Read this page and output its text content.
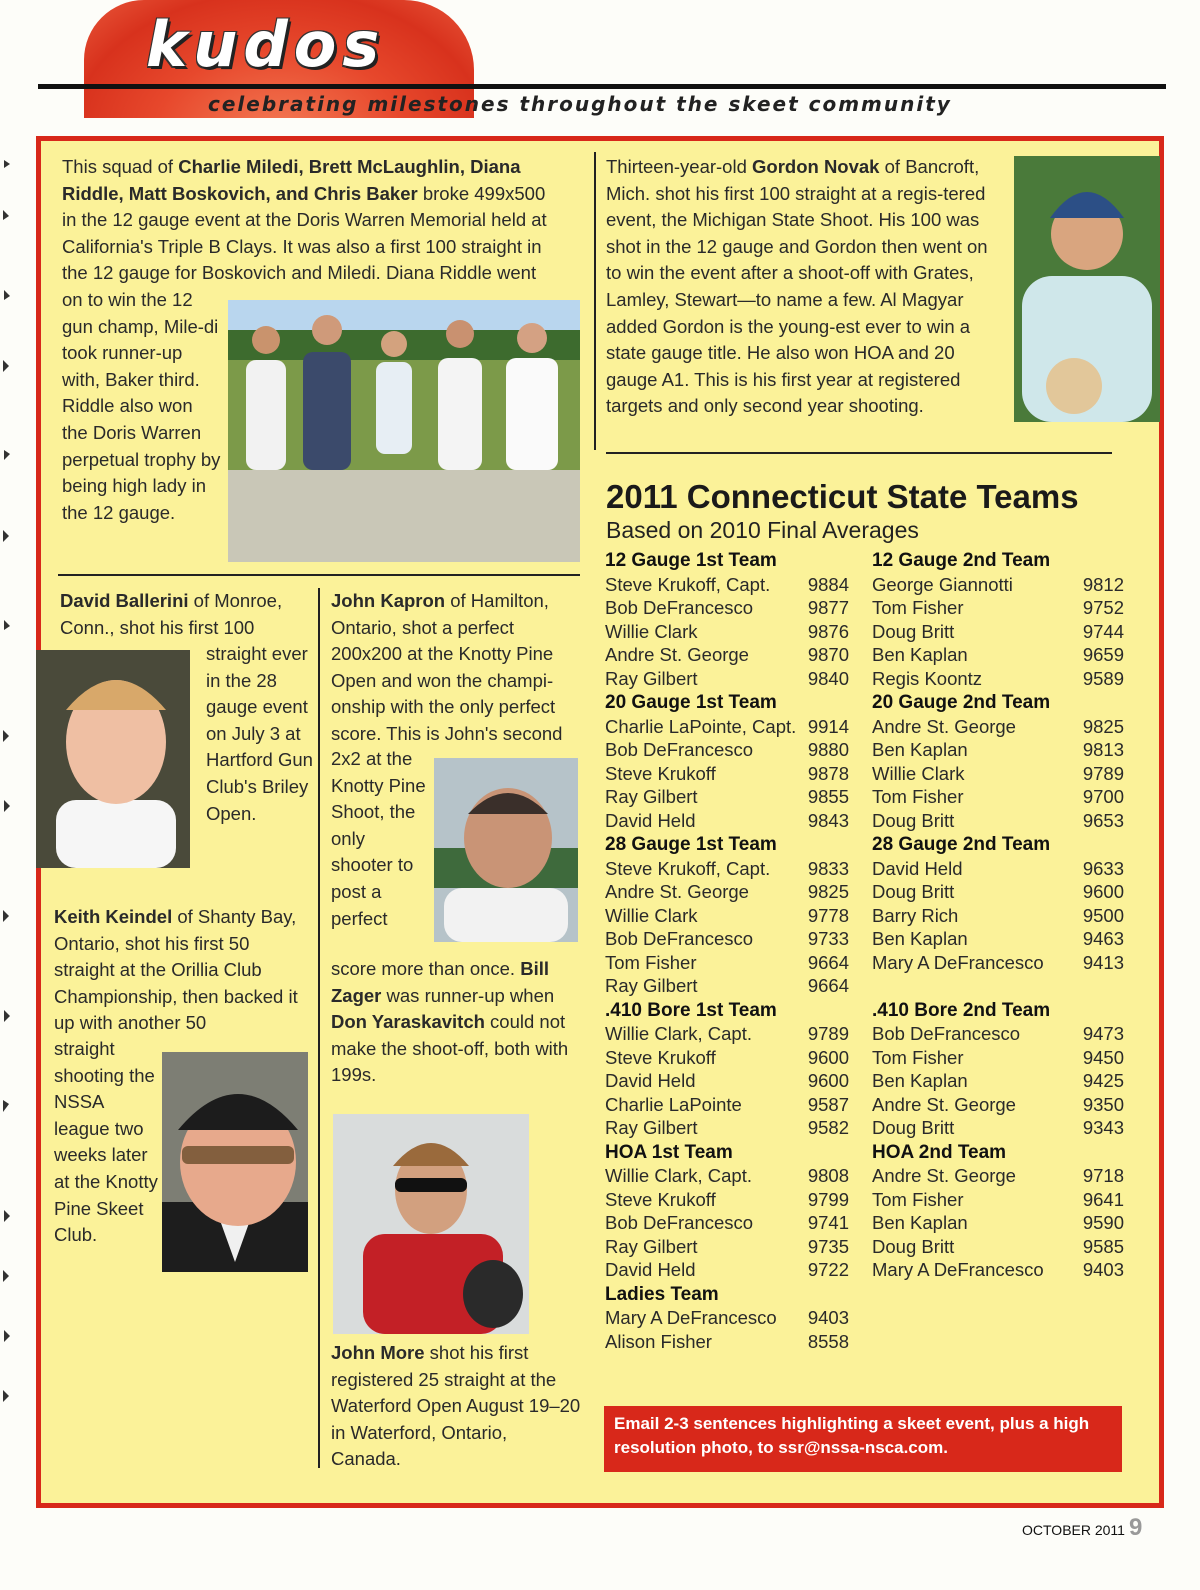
kudos
celebrating milestones throughout the skeet community

This squad of Charlie Miledi, Brett McLaughlin, Diana Riddle, Matt Boskovich, and Chris Baker broke 499x500 in the 12 gauge event at the Doris Warren Memorial held at California's Triple B Clays. It was also a first 100 straight in the 12 gauge for Boskovich and Miledi. Diana Riddle went

on to win the 12 gun champ, Mile-di took runner-up with, Baker third. Riddle also won the Doris Warren perpetual trophy by being high lady in the 12 gauge.

Thirteen-year-old Gordon Novak of Bancroft, Mich. shot his first 100 straight at a regis-tered event, the Michigan State Shoot. His 100 was shot in the 12 gauge and Gordon then went on to win the event after a shoot-off with Grates, Lamley, Stewart—to name a few. Al Magyar added Gordon is the young-est ever to win a state gauge title. He also won HOA and 20 gauge A1. This is his first year at registered targets and only second year shooting.

David Ballerini of Monroe, Conn., shot his first 100

straight ever in the 28 gauge event on July 3 at Hartford Gun Club's Briley Open.

Keith Keindel of Shanty Bay, Ontario, shot his first 50 straight at the Orillia Club Championship, then backed it up with another 50

straight shooting the NSSA league two weeks later at the Knotty Pine Skeet Club.

John Kapron of Hamilton, Ontario, shot a perfect 200x200 at the Knotty Pine Open and won the champi-onship with the only perfect score. This is John's second

2x2 at the Knotty Pine Shoot, the only shooter to post a perfect

score more than once. Bill Zager was runner-up when Don Yaraskavitch could not make the shoot-off, both with 199s.

John More shot his first registered 25 straight at the Waterford Open August 19–20 in Waterford, Ontario, Canada.

2011 Connecticut State Teams
Based on 2010 Final Averages
12 Gauge 1st Team
Steve Krukoff, Capt. 9884
Bob DeFrancesco	9877
Willie Clark	9876
Andre St. George	9870
Ray Gilbert	9840
20 Gauge 1st Team
Charlie LaPointe, Capt. 9914
Bob DeFrancesco	9880
Steve Krukoff	9878
Ray Gilbert	9855
David Held	9843
28 Gauge 1st Team
Steve Krukoff, Capt. 9833
Andre St. George	9825
Willie Clark	9778
Bob DeFrancesco	9733
Tom Fisher	9664
Ray Gilbert	9664
.410 Bore 1st Team
Willie Clark, Capt.	9789
Steve Krukoff	9600
David Held	9600
Charlie LaPointe	9587
Ray Gilbert	9582
HOA 1st Team
Willie Clark, Capt.	9808
Steve Krukoff	9799
Bob DeFrancesco	9741
Ray Gilbert	9735
David Held	9722
Ladies Team
Mary A DeFrancesco 9403
Alison Fisher	8558
12 Gauge 2nd Team
George Giannotti	9812
Tom Fisher	9752
Doug Britt	9744
Ben Kaplan	9659
Regis Koontz	9589
20 Gauge 2nd Team
Andre St. George	9825
Ben Kaplan	9813
Willie Clark	9789
Tom Fisher	9700
Doug Britt	9653
28 Gauge 2nd Team
David Held	9633
Doug Britt	9600
Barry Rich	9500
Ben Kaplan	9463
Mary A DeFrancesco 9413

.410 Bore 2nd Team
Bob DeFrancesco	9473
Tom Fisher	9450
Ben Kaplan	9425
Andre St. George	9350
Doug Britt	9343
HOA 2nd Team
Andre St. George	9718
Tom Fisher	9641
Ben Kaplan	9590
Doug Britt	9585
Mary A DeFrancesco 9403
Email 2-3 sentences highlighting a skeet event, plus a high resolution photo, to ssr@nssa-nsca.com.
OCTOBER 2011 9
